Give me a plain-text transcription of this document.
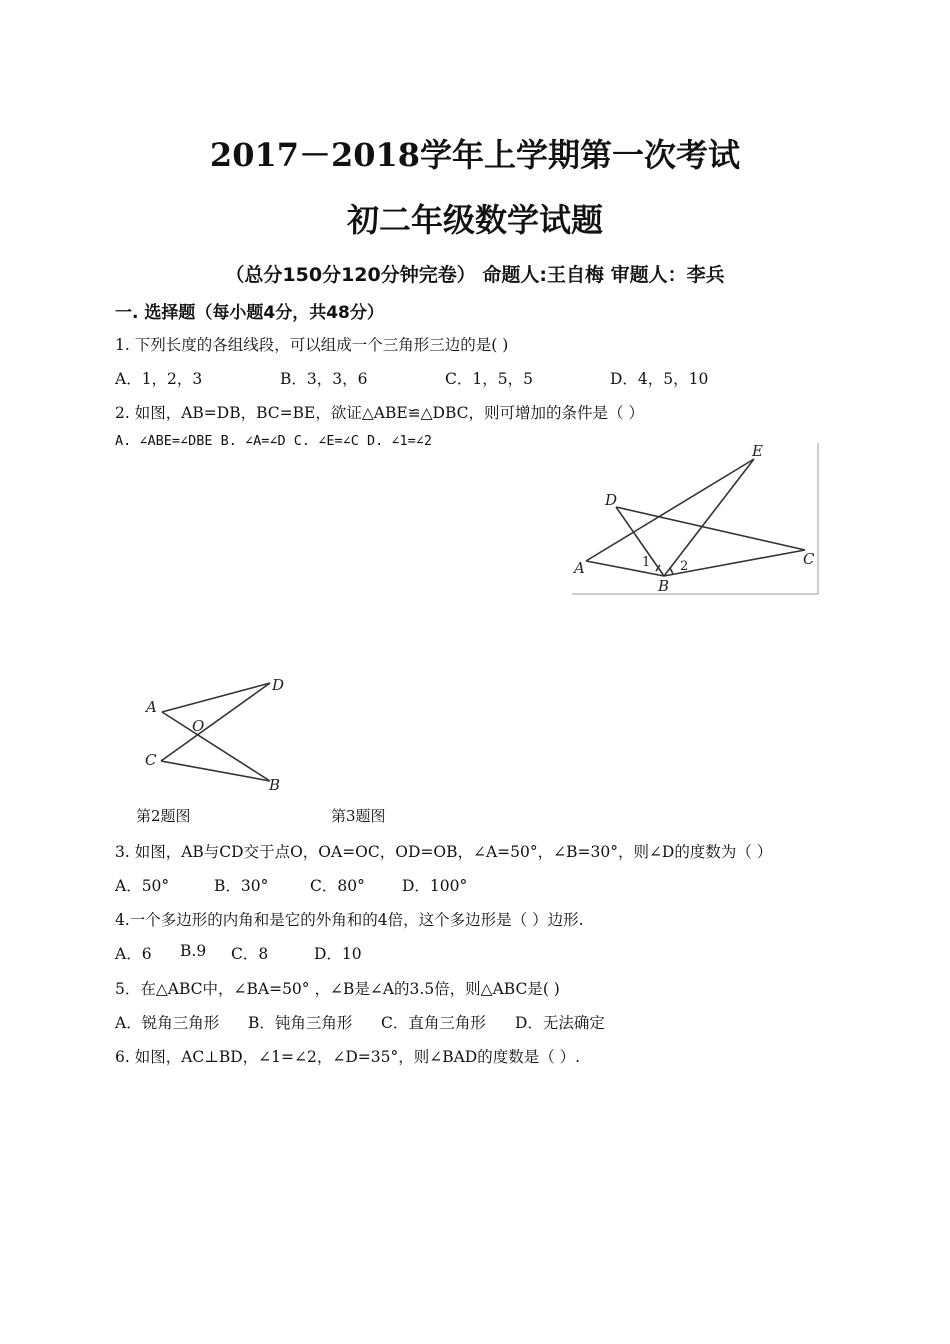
2017－2018学年上学期第一次考试
初二年级数学试题
（总分150分120分钟完卷） 命题人:王自梅 审题人：李兵
一. 选择题（每小题4分，共48分）
1. 下列长度的各组线段，可以组成一个三角形三边的是( )
A．1，2，3	B．3，3，6	C．1，5，5	D．4，5，10
2. 如图，AB=DB，BC=BE，欲证△ABE≌△DBC，则可增加的条件是（ ）
A. ∠ABE=∠DBE B. ∠A=∠D C. ∠E=∠C D. ∠1=∠2
E
D
C
A
B
1 2
A
D
O
C
B
第2题图	第3题图
3. 如图，AB与CD交于点O，OA=OC，OD=OB，∠A=50°，∠B=30°，则∠D的度数为（ ）
A．50°	B．30°	C．80° D．100°
4.一个多边形的内角和是它的外角和的4倍，这个多边形是（ ）边形.
A．6 B.9 C．8	D．10
5．在△ABC中，∠BA=50° ，∠B是∠A的3.5倍，则△ABC是( )
A．锐角三角形 B．钝角三角形 C．直角三角形 D．无法确定
6. 如图，AC⊥BD，∠1=∠2，∠D=35°，则∠BAD的度数是（ ）.
